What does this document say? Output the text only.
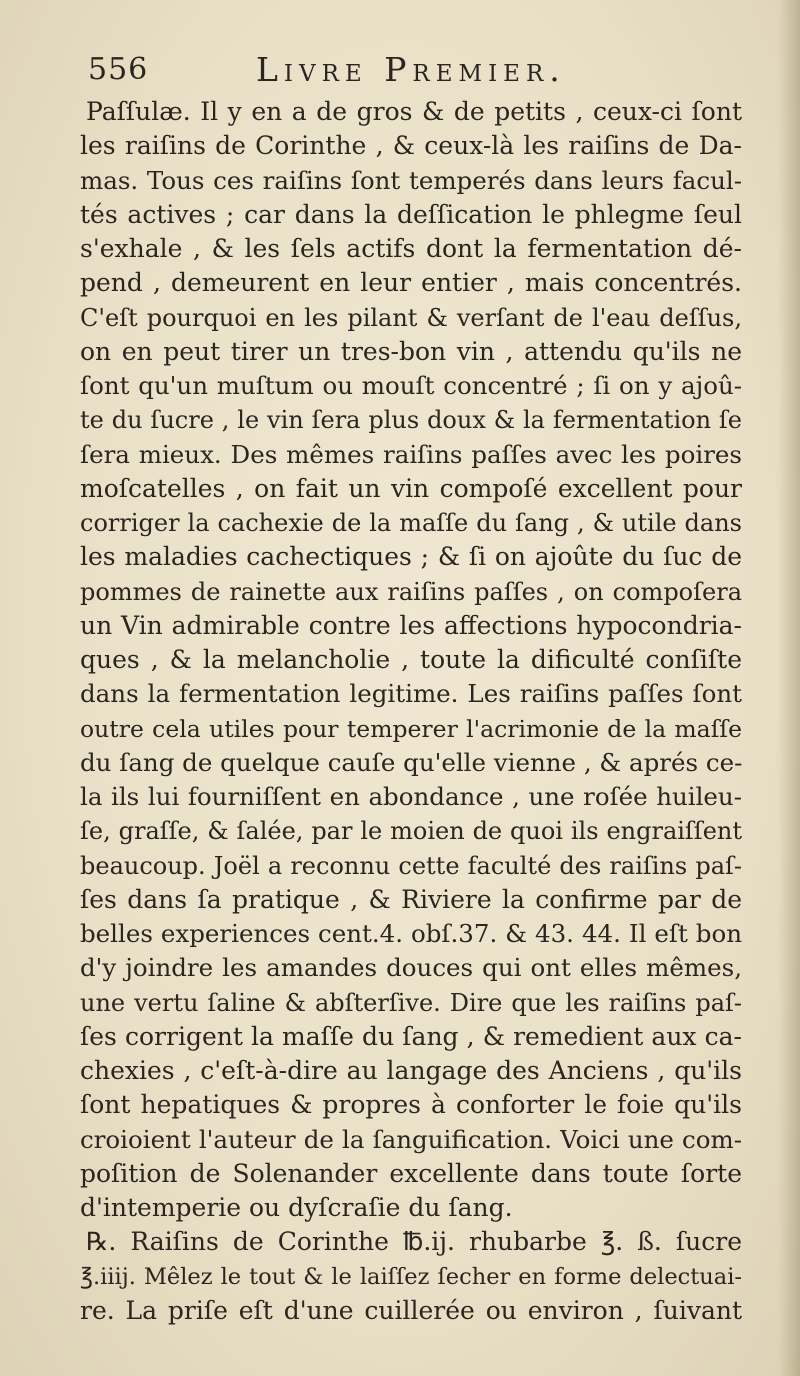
556	Livre Premier.
Paſſulæ. Il y en a de gros & de petits , ceux-ci ſont
les raiſins de Corinthe , & ceux-là les raiſins de Da-
mas. Tous ces raiſins ſont temperés dans leurs facul-
tés actives ; car dans la deſſication le phlegme ſeul
s'exhale , & les ſels actifs dont la fermentation dé-
pend , demeurent en leur entier , mais concentrés.
C'eſt pourquoi en les pilant & verſant de l'eau deſſus,
on en peut tirer un tres-bon vin , attendu qu'ils ne
ſont qu'un muſtum ou mouſt concentré ; ſi on y ajoû-
te du ſucre , le vin ſera plus doux & la fermentation ſe
ſera mieux. Des mêmes raiſins paſſes avec les poires
moſcatelles , on fait un vin compoſé excellent pour
corriger la cachexie de la maſſe du ſang , & utile dans
les maladies cachectiques ; & ſi on ajoûte du ſuc de
pommes de rainette aux raiſins paſſes , on compoſera
un Vin admirable contre les affections hypocondria-
ques , & la melancholie , toute la dificulté conſiſte
dans la fermentation legitime. Les raiſins paſſes ſont
outre cela utiles pour temperer l'acrimonie de la maſſe
du ſang de quelque cauſe qu'elle vienne , & aprés ce-
la ils lui fourniſſent en abondance , une roſée huileu-
ſe, graſſe, & ſalée, par le moien de quoi ils engraiſſent
beaucoup. Joël a reconnu cette faculté des raiſins paſ-
ſes dans ſa pratique , & Riviere la confirme par de
belles experiences cent.4. obſ.37. & 43. 44. Il eſt bon
d'y joindre les amandes douces qui ont elles mêmes,
une vertu ſaline & abſterſive. Dire que les raiſins paſ-
ſes corrigent la maſſe du ſang , & remedient aux ca-
chexies , c'eſt-à-dire au langage des Anciens , qu'ils
ſont hepatiques & propres à conforter le foie qu'ils
croioient l'auteur de la ſanguification. Voici une com-
poſition de Solenander excellente dans toute ſorte
d'intemperie ou dyſcraſie du ſang.
℞. Raiſins de Corinthe ℔.ij. rhubarbe ℥. ß. ſucre
℥.iiij. Mêlez le tout & le laiſſez ſecher en forme delectuai-
re. La priſe eſt d'une cuillerée ou environ , ſuivant
